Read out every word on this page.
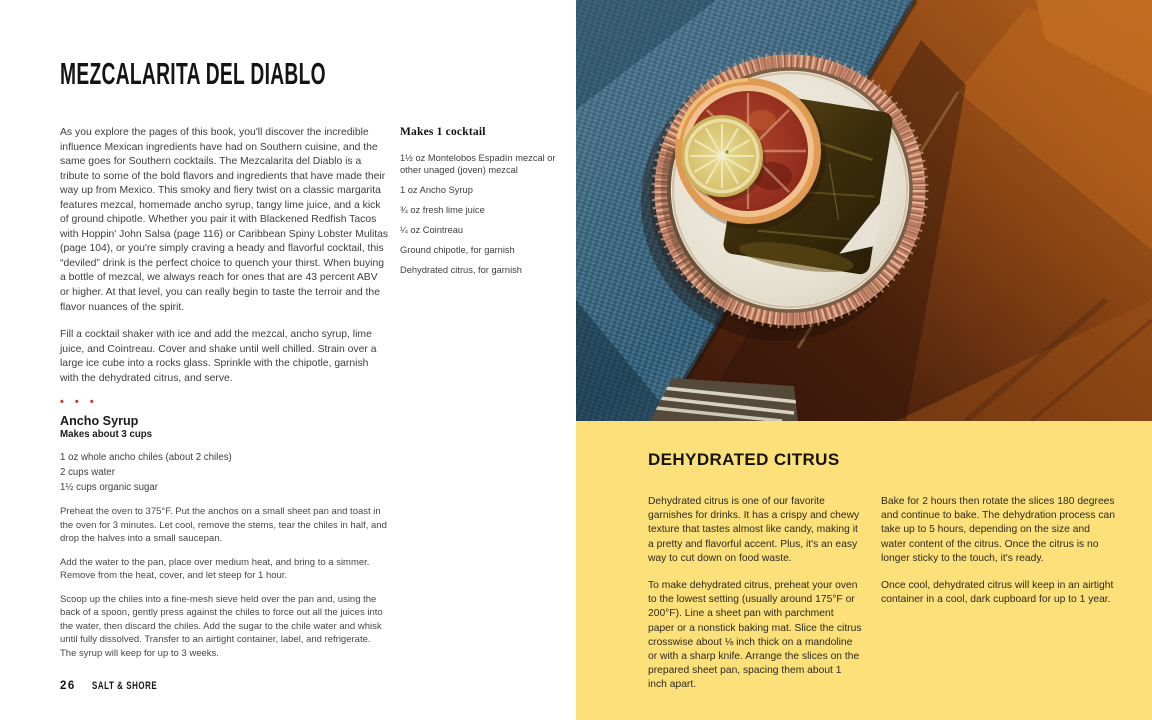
MEZCALARITA DEL DIABLO

As you explore the pages of this book, you'll discover the incredible influence Mexican ingredients have had on Southern cuisine, and the same goes for Southern cocktails. The Mezcalarita del Diablo is a tribute to some of the bold flavors and ingredients that have made their way up from Mexico. This smoky and fiery twist on a classic margarita features mezcal, homemade ancho syrup, tangy lime juice, and a kick of ground chipotle. Whether you pair it with Blackened Redfish Tacos with Hoppin' John Salsa (page 116) or Caribbean Spiny Lobster Mulitas (page 104), or you're simply craving a heady and flavorful cocktail, this “deviled” drink is the perfect choice to quench your thirst. When buying a bottle of mezcal, we always reach for ones that are 43 percent ABV or higher. At that level, you can really begin to taste the terroir and the flavor nuances of the spirit.

Fill a cocktail shaker with ice and add the mezcal, ancho syrup, lime juice, and Cointreau. Cover and shake until well chilled. Strain over a large ice cube into a rocks glass. Sprinkle with the chipotle, garnish with the dehydrated citrus, and serve.

• • •
Ancho Syrup
Makes about 3 cups

1 oz whole ancho chiles (about 2 chiles)

2 cups water

1½ cups organic sugar

Preheat the oven to 375°F. Put the anchos on a small sheet pan and toast in the oven for 3 minutes. Let cool, remove the stems, tear the chiles in half, and drop the halves into a small saucepan.

Add the water to the pan, place over medium heat, and bring to a simmer. Remove from the heat, cover, and let steep for 1 hour.

Scoop up the chiles into a fine-mesh sieve held over the pan and, using the back of a spoon, gently press against the chiles to force out all the juices into the water, then discard the chiles. Add the sugar to the chile water and whisk until fully dissolved. Transfer to an airtight container, label, and refrigerate. The syrup will keep for up to 3 weeks.

Makes 1 cocktail

1½ oz Montelobos Espadín mezcal or other unaged (joven) mezcal

1 oz Ancho Syrup

¾ oz fresh lime juice

¼ oz Cointreau

Ground chipotle, for garnish

Dehydrated citrus, for garnish

26 SALT & SHORE
DEHYDRATED CITRUS

Dehydrated citrus is one of our favorite garnishes for drinks. It has a crispy and chewy texture that tastes almost like candy, making it a pretty and flavorful accent. Plus, it's an easy way to cut down on food waste.

To make dehydrated citrus, preheat your oven to the lowest setting (usually around 175°F or 200°F). Line a sheet pan with parchment paper or a nonstick baking mat. Slice the citrus crosswise about ⅛ inch thick on a mandoline or with a sharp knife. Arrange the slices on the prepared sheet pan, spacing them about 1 inch apart.

Bake for 2 hours then rotate the slices 180 degrees and continue to bake. The dehydration process can take up to 5 hours, depending on the size and water content of the citrus. Once the citrus is no longer sticky to the touch, it's ready.

Once cool, dehydrated citrus will keep in an airtight container in a cool, dark cupboard for up to 1 year.
